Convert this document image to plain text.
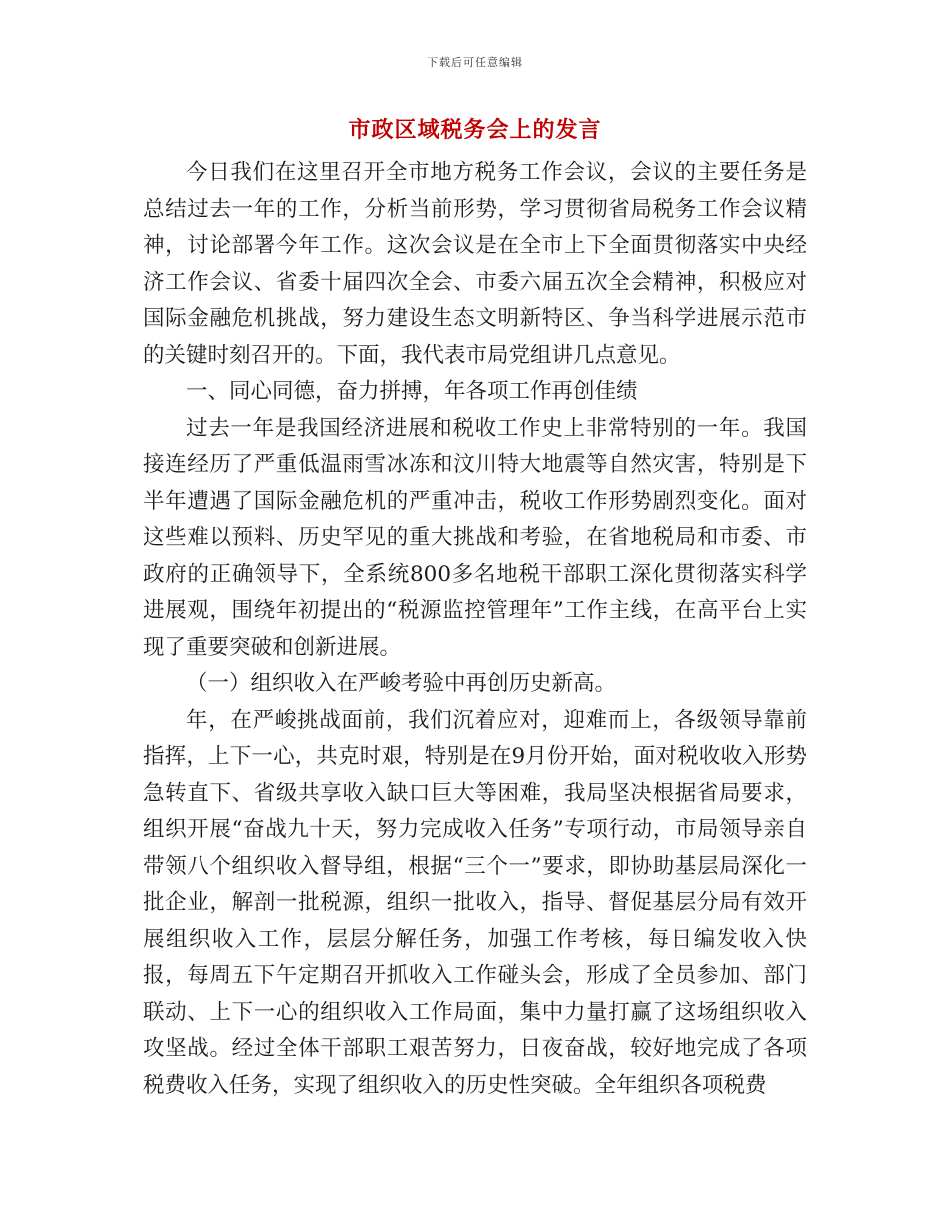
下载后可任意编辑
市政区域税务会上的发言

今日我们在这里召开全市地方税务工作会议，会议的主要任务是总结过去一年的工作，分析当前形势，学习贯彻省局税务工作会议精神，讨论部署今年工作。这次会议是在全市上下全面贯彻落实中央经济工作会议、省委十届四次全会、市委六届五次全会精神，积极应对国际金融危机挑战，努力建设生态文明新特区、争当科学进展示范市的关键时刻召开的。下面，我代表市局党组讲几点意见。

一、同心同德，奋力拼搏，年各项工作再创佳绩

过去一年是我国经济进展和税收工作史上非常特别的一年。我国接连经历了严重低温雨雪冰冻和汶川特大地震等自然灾害，特别是下半年遭遇了国际金融危机的严重冲击，税收工作形势剧烈变化。面对这些难以预料、历史罕见的重大挑战和考验，在省地税局和市委、市政府的正确领导下，全系统800多名地税干部职工深化贯彻落实科学进展观，围绕年初提出的“税源监控管理年”工作主线，在高平台上实现了重要突破和创新进展。

（一）组织收入在严峻考验中再创历史新高。

年，在严峻挑战面前，我们沉着应对，迎难而上，各级领导靠前指挥，上下一心，共克时艰，特别是在9月份开始，面对税收收入形势急转直下、省级共享收入缺口巨大等困难，我局坚决根据省局要求，组织开展“奋战九十天，努力完成收入任务”专项行动，市局领导亲自带领八个组织收入督导组，根据“三个一”要求，即协助基层局深化一批企业，解剖一批税源，组织一批收入，指导、督促基层分局有效开展组织收入工作，层层分解任务，加强工作考核，每日编发收入快报，每周五下午定期召开抓收入工作碰头会，形成了全员参加、部门联动、上下一心的组织收入工作局面，集中力量打赢了这场组织收入攻坚战。经过全体干部职工艰苦努力，日夜奋战，较好地完成了各项税费收入任务，实现了组织收入的历史性突破。全年组织各项税费
